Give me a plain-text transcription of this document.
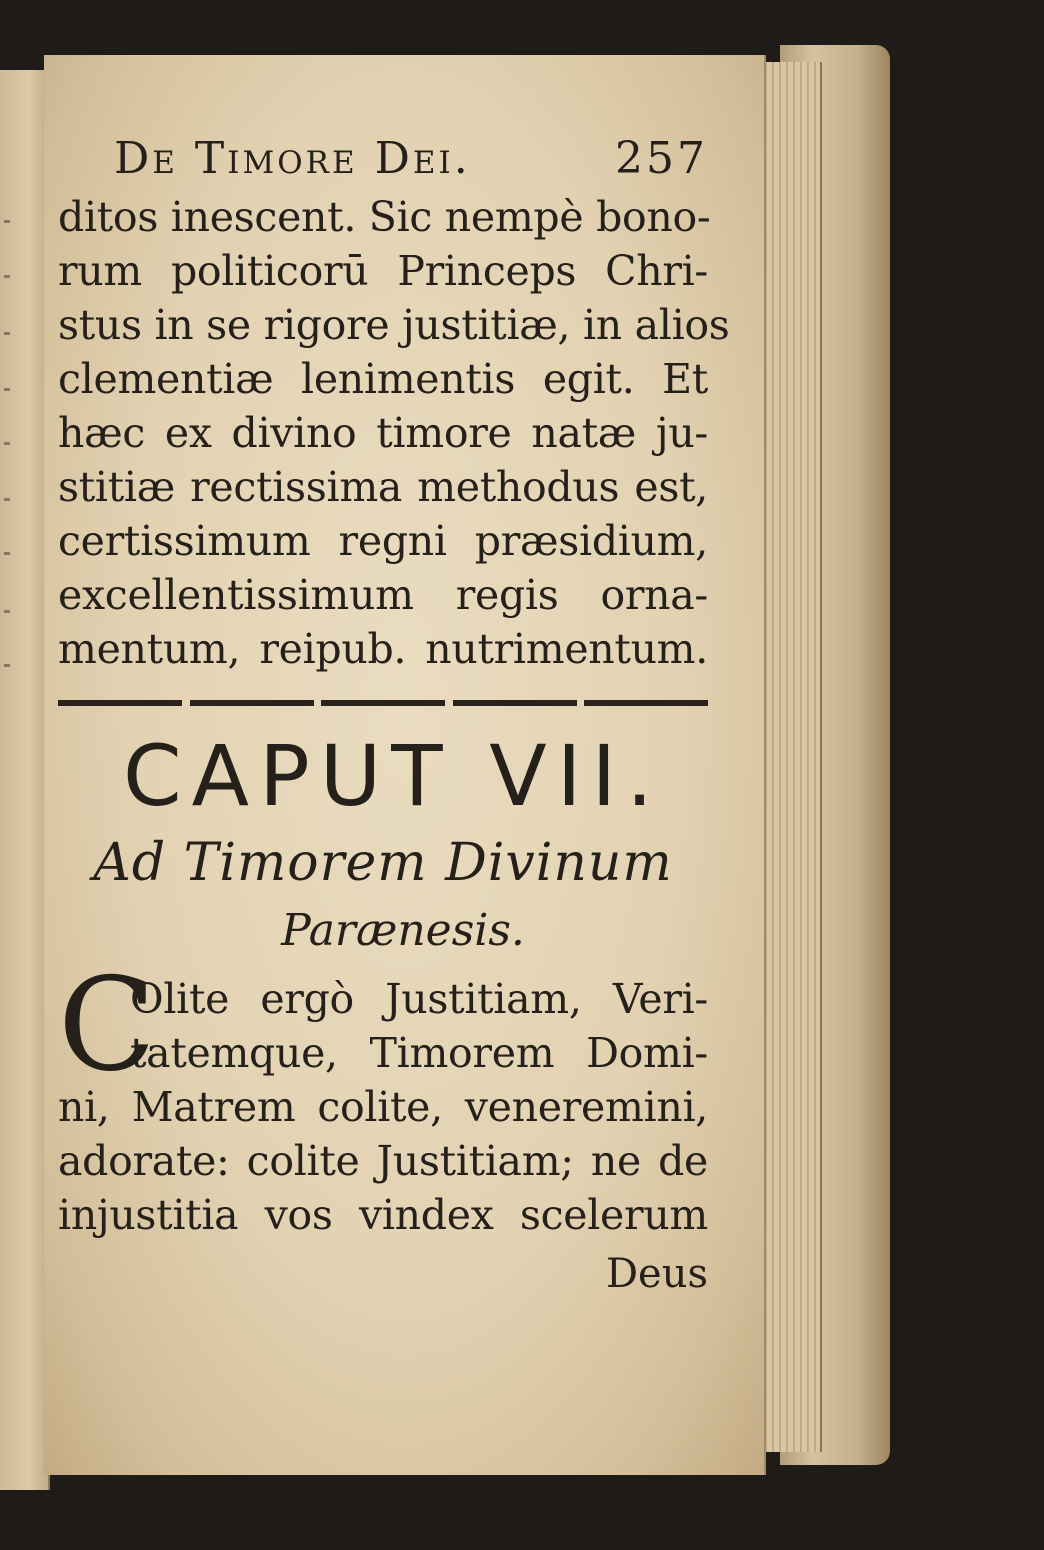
De Timore Dei.	257
ditos inescent. Sic nempè bono-
rum politicorū Princeps Chri-
stus in se rigore justitiæ, in alios
clementiæ lenimentis egit. Et
hæc ex divino timore natæ ju-
stitiæ rectissima methodus est,
certissimum regni præsidium,
excellentissimum regis orna-
mentum, reipub. nutrimentum.
CAPUT VII.
Ad Timorem Divinum
Parænesis.
C
Olite ergò Justitiam, Veri-
tatemque, Timorem Domi-
ni, Matrem colite, veneremini,
adorate: colite Justitiam; ne de
injustitia vos vindex scelerum
Deus
